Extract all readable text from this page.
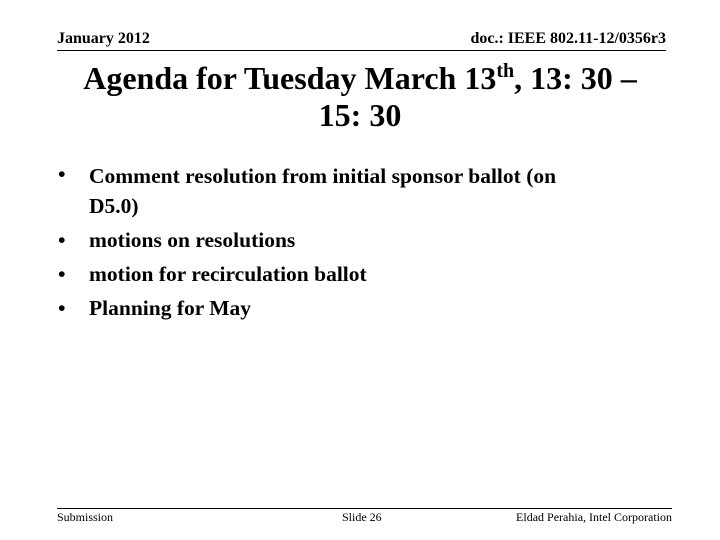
January 2012	doc.: IEEE 802.11-12/0356r3
Agenda for Tuesday March 13th, 13: 30 –
15: 30
• Comment resolution from initial sponsor ballot (on
D5.0)
• motions on resolutions
• motion for recirculation ballot
• Planning for May
Submission	Slide 26	Eldad Perahia, Intel Corporation
